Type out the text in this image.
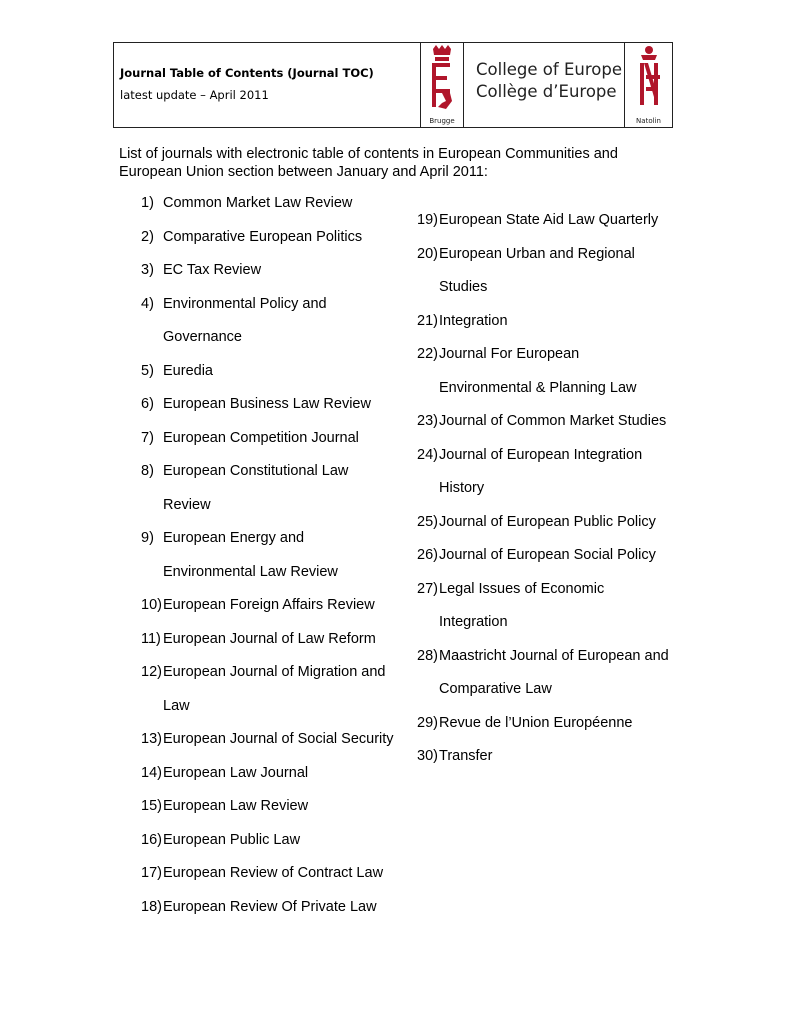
Journal Table of Contents (Journal TOC)
latest update – April 2011
Brugge
College of Europe
Collège d’Europe
Natolin
List of journals with electronic table of contents in European Communities and European Union section between January and April 2011:
1) Common Market Law Review
2) Comparative European Politics
3) EC Tax Review
4) Environmental Policy and
Governance
5) Euredia
6) European Business Law Review
7) European Competition Journal
8) European Constitutional Law
Review
9) European Energy and
Environmental Law Review
10) European Foreign Affairs Review
11) European Journal of Law Reform
12) European Journal of Migration and
Law
13) European Journal of Social Security
14) European Law Journal
15) European Law Review
16) European Public Law
17) European Review of Contract Law
18) European Review Of Private Law
19) European State Aid Law Quarterly
20) European Urban and Regional
Studies
21) Integration
22) Journal For European
Environmental & Planning Law
23) Journal of Common Market Studies
24) Journal of European Integration
History
25) Journal of European Public Policy
26) Journal of European Social Policy
27) Legal Issues of Economic
Integration
28) Maastricht Journal of European and
Comparative Law
29) Revue de l’Union Européenne
30) Transfer
